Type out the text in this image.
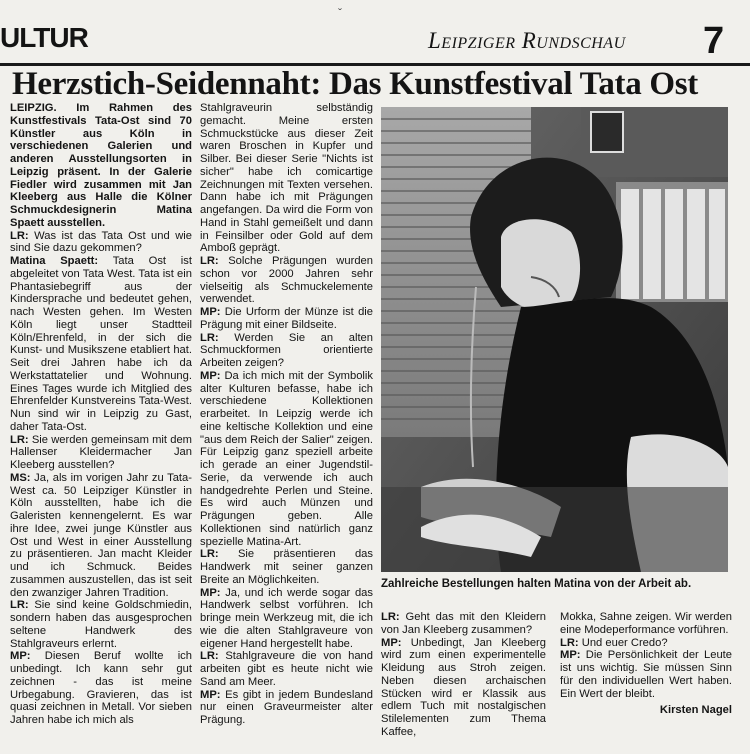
ˇ
ULTUR	Leipziger Rundschau 7
Herzstich-Seidennaht: Das Kunstfestival Tata Ost

LEIPZIG. Im Rahmen des Kunstfestivals Tata-Ost sind 70 Künstler aus Köln in verschiedenen Galerien und anderen Ausstellungsorten in Leipzig präsent. In der Galerie Fiedler wird zusammen mit Jan Kleeberg aus Halle die Kölner Schmuckdesignerin Matina Spaett ausstellen.

LR: Was ist das Tata Ost und wie sind Sie dazu gekommen?

Matina Spaett: Tata Ost ist abgeleitet von Tata West. Tata ist ein Phantasiebegriff aus der Kindersprache und bedeutet gehen, nach Westen gehen. Im Westen Köln liegt unser Stadtteil Köln/Ehrenfeld, in der sich die Kunst- und Musikszene etabliert hat. Seit drei Jahren habe ich da Werkstattatelier und Wohnung. Eines Tages wurde ich Mitglied des Ehrenfelder Kunstvereins Tata-West. Nun sind wir in Leipzig zu Gast, daher Tata-Ost.

LR: Sie werden gemeinsam mit dem Hallenser Kleidermacher Jan Kleeberg ausstellen?

MS: Ja, als im vorigen Jahr zu Tata-West ca. 50 Leipziger Künstler in Köln ausstellten, habe ich die Galeristen kennengelernt. Es war ihre Idee, zwei junge Künstler aus Ost und West in einer Ausstellung zu präsentieren. Jan macht Kleider und ich Schmuck. Beides zusammen auszustellen, das ist seit den zwanziger Jahren Tradition.

LR: Sie sind keine Goldschmiedin, sondern haben das ausgesprochen seltene Handwerk des Stahlgraveurs erlernt.

MP: Diesen Beruf wollte ich unbedingt. Ich kann sehr gut zeichnen - das ist meine Urbegabung. Gravieren, das ist quasi zeichnen in Metall. Vor sieben Jahren habe ich mich als

Stahlgraveurin selbständig gemacht. Meine ersten Schmuckstücke aus dieser Zeit waren Broschen in Kupfer und Silber. Bei dieser Serie "Nichts ist sicher" habe ich comicartige Zeichnungen mit Texten versehen. Dann habe ich mit Prägungen angefangen. Da wird die Form von Hand in Stahl gemeißelt und dann in Feinsilber oder Gold auf dem Amboß geprägt.

LR: Solche Prägungen wurden schon vor 2000 Jahren sehr vielseitig als Schmuckelemente verwendet.

MP: Die Urform der Münze ist die Prägung mit einer Bildseite.

LR: Werden Sie an alten Schmuckformen orientierte Arbeiten zeigen?

MP: Da ich mich mit der Symbolik alter Kulturen befasse, habe ich verschiedene Kollektionen erarbeitet. In Leipzig werde ich eine keltische Kollektion und eine "aus dem Reich der Salier" zeigen. Für Leipzig ganz speziell arbeite ich gerade an einer Jugendstil-Serie, da verwende ich auch handgedrehte Perlen und Steine. Es wird auch Münzen und Prägungen geben. Alle Kollektionen sind natürlich ganz spezielle Matina-Art.

LR: Sie präsentieren das Handwerk mit seiner ganzen Breite an Möglichkeiten.

MP: Ja, und ich werde sogar das Handwerk selbst vorführen. Ich bringe mein Werkzeug mit, die ich wie die alten Stahlgraveure von eigener Hand hergestellt habe.

LR: Stahlgraveure die von hand arbeiten gibt es heute nicht wie Sand am Meer.

MP: Es gibt in jedem Bundesland nur einen Graveurmeister alter Prägung.

Zahlreiche Bestellungen halten Matina von der Arbeit ab.

LR: Geht das mit den Kleidern von Jan Kleeberg zusammen?

MP: Unbedingt, Jan Kleeberg wird zum einen experimentelle Kleidung aus Stroh zeigen. Neben diesen archaischen Stücken wird er Klassik aus edlem Tuch mit nostalgischen Stilelementen zum Thema Kaffee,

Mokka, Sahne zeigen. Wir werden eine Modeperformance vorführen.

LR: Und euer Credo?

MP: Die Persönlichkeit der Leute ist uns wichtig. Sie müssen Sinn für den individuellen Wert haben. Ein Wert der bleibt.

Kirsten Nagel
